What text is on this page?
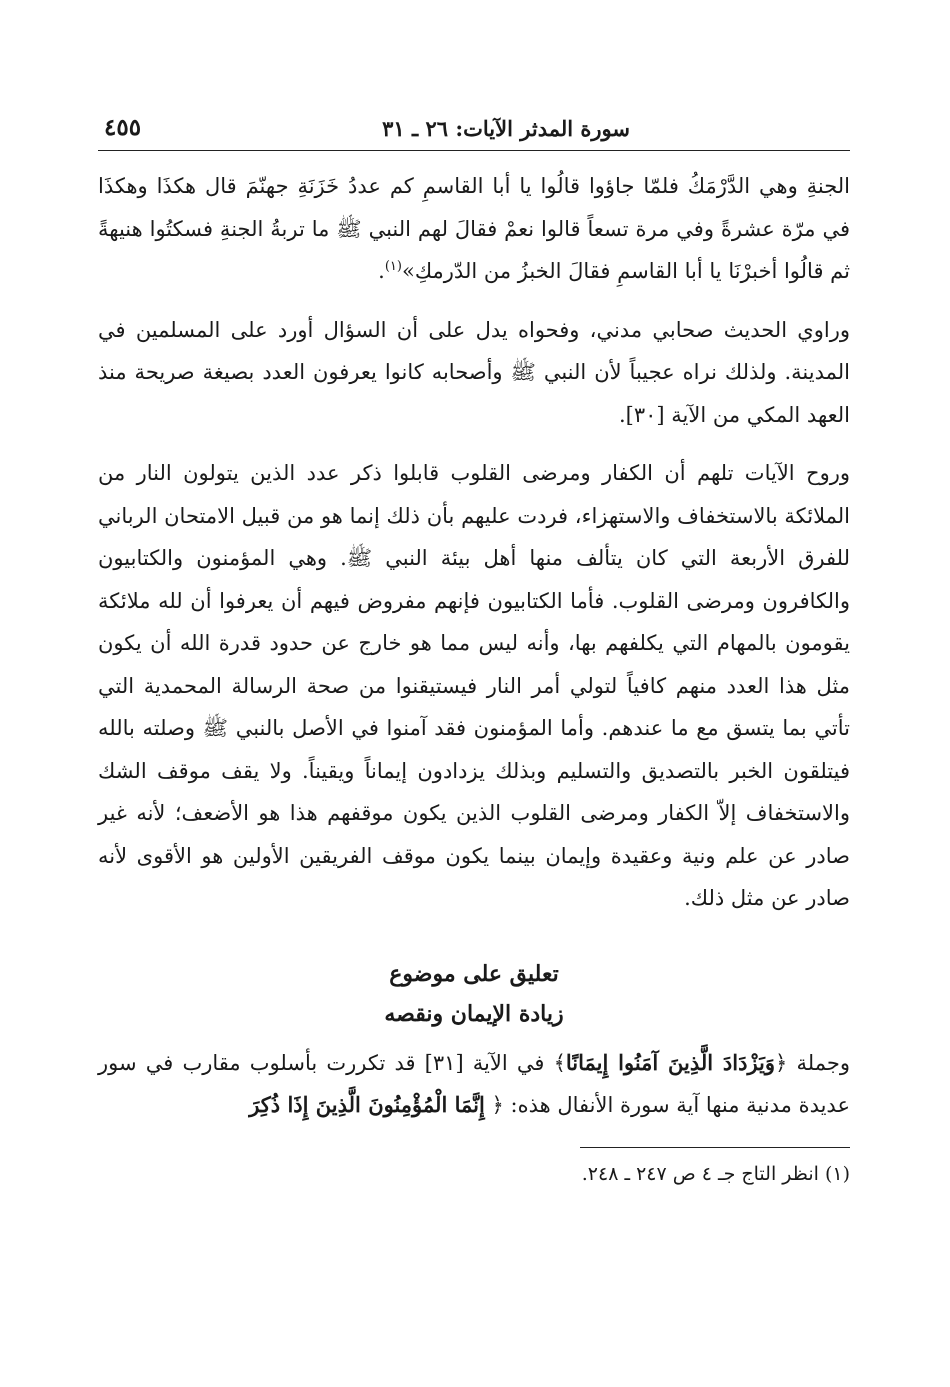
سورة المدثر الآيات: ٢٦ ـ ٣١
٤٥٥

الجنةِ وهي الدَّرْمَكُ فلمّا جاؤوا قالُوا يا أبا القاسمِ كم عددُ خَزَنَةِ جهنّمَ قال هكذَا وهكذَا في مرّة عشرةً وفي مرة تسعاً قالوا نعمْ فقالَ لهم النبي ﷺ ما تربةُ الجنةِ فسكتُوا هنيهةً ثم قالُوا أخبرْنَا يا أبا القاسمِ فقالَ الخبزُ من الدّرمكِ»$^{(١)}$.

وراوي الحديث صحابي مدني، وفحواه يدل على أن السؤال أورد على المسلمين في المدينة. ولذلك نراه عجيباً لأن النبي ﷺ وأصحابه كانوا يعرفون العدد بصيغة صريحة منذ العهد المكي من الآية [٣٠].

وروح الآيات تلهم أن الكفار ومرضى القلوب قابلوا ذكر عدد الذين يتولون النار من الملائكة بالاستخفاف والاستهزاء، فردت عليهم بأن ذلك إنما هو من قبيل الامتحان الرباني للفرق الأربعة التي كان يتألف منها أهل بيئة النبي ﷺ. وهي المؤمنون والكتابيون والكافرون ومرضى القلوب. فأما الكتابيون فإنهم مفروض فيهم أن يعرفوا أن لله ملائكة يقومون بالمهام التي يكلفهم بها، وأنه ليس مما هو خارج عن حدود قدرة الله أن يكون مثل هذا العدد منهم كافياً لتولي أمر النار فيستيقنوا من صحة الرسالة المحمدية التي تأتي بما يتسق مع ما عندهم. وأما المؤمنون فقد آمنوا في الأصل بالنبي ﷺ وصلته بالله فيتلقون الخبر بالتصديق والتسليم وبذلك يزدادون إيماناً ويقيناً. ولا يقف موقف الشك والاستخفاف إلاّ الكفار ومرضى القلوب الذين يكون موقفهم هذا هو الأضعف؛ لأنه غير صادر عن علم ونية وعقيدة وإيمان بينما يكون موقف الفريقين الأولين هو الأقوى لأنه صادر عن مثل ذلك.

تعليق على موضوع
زيادة الإيمان ونقصه

وجملة ﴿وَيَزْدَادَ الَّذِينَ آمَنُوا إِيمَانًا﴾ في الآية [٣١] قد تكررت بأسلوب مقارب في سور عديدة مدنية منها آية سورة الأنفال هذه: ﴿ إِنَّمَا الْمُؤْمِنُونَ الَّذِينَ إِذَا ذُكِرَ

(١) انظر التاج جـ ٤ ص ٢٤٧ ـ ٢٤٨.
